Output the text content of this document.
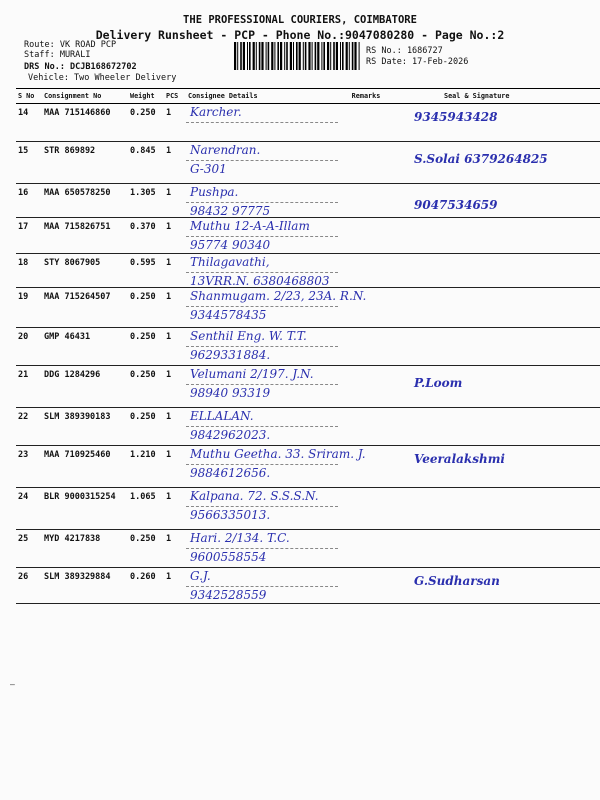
THE PROFESSIONAL COURIERS, COIMBATORE
Delivery Runsheet - PCP - Phone No.:9047080280 - Page No.:2
Route: VK ROAD PCP
Staff: MURALI
DRS No.: DCJB168672702
Vehicle: Two Wheeler Delivery
RS No.: 1686727
RS Date: 17-Feb-2026
S No	Consignment No	Weight	PCS	Consignee Details	Remarks	Seal & Signature
14	MAA 715146860	0.250	1	Karcher.		9345943428

15	STR 869892	0.845	1	Narendran.
G-301		S.Solai 6379264825

16	MAA 650578250	1.305	1	Pushpa.
98432 97775		9047534659

17	MAA 715826751	0.370	1	Muthu 12-A-A-Illam
95774 90340		

18	STY 8067905	0.595	1	Thilagavathi,
13VRR.N. 6380468803		

19	MAA 715264507	0.250	1	Shanmugam. 2/23, 23A. R.N.
9344578435		

20	GMP 46431	0.250	1	Senthil Eng. W. T.T.
9629331884.		

21	DDG 1284296	0.250	1	Velumani 2/197. J.N.
98940 93319		P.Loom

22	SLM 389390183	0.250	1	ELLALAN.
9842962023.		

23	MAA 710925460	1.210	1	Muthu Geetha. 33. Sriram. J.
9884612656.		Veeralakshmi

24	BLR 9000315254	1.065	1	Kalpana. 72. S.S.S.N.
9566335013.		

25	MYD 4217838	0.250	1	Hari. 2/134. T.C.
9600558554		

26	SLM 389329884	0.260	1	G.J.
9342528559		G.Sudharsan
—
